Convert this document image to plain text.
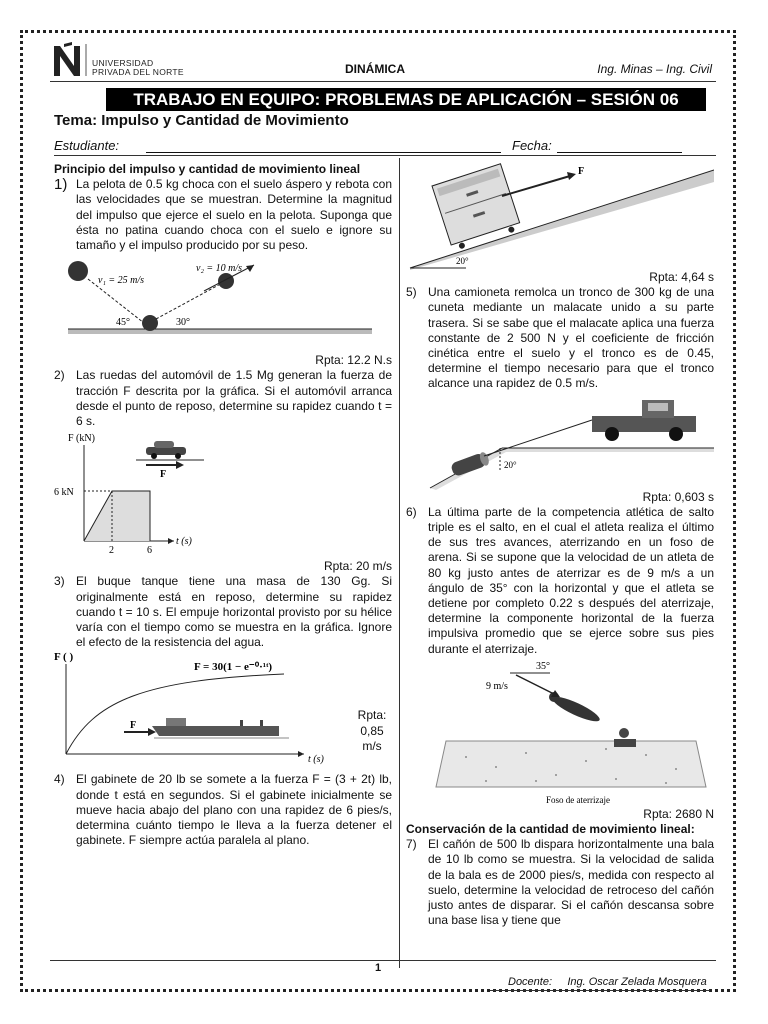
UNIVERSIDAD
PRIVADA DEL NORTE	DINÁMICA	Ing. Minas – Ing. Civil
TRABAJO EN EQUIPO: PROBLEMAS DE APLICACIÓN – SESIÓN 06
Tema: Impulso y Cantidad de Movimiento
Estudiante:	Fecha:
Principio del impulso y cantidad de movimiento lineal
1) La pelota de 0.5 kg choca con el suelo áspero y rebota con las velocidades que se muestran. Determine la magnitud del impulso que ejerce el suelo en la pelota. Suponga que ésta no patina cuando choca con el suelo e ignore su tamaño y el impulso producido por su peso.
v₁ = 25 m/s
v₂ = 10 m/s
45°	30°
Rpta: 12.2 N.s
2) Las ruedas del automóvil de 1.5 Mg generan la fuerza de tracción F descrita por la gráfica. Si el automóvil arranca desde el punto de reposo, determine su rapidez cuando t = 6 s.
F (kN)
6 kN
t (s)
2	6
F
Rpta: 20 m/s
3) El buque tanque tiene una masa de 130 Gg. Si originalmente está en reposo, determine su rapidez cuando t = 10 s. El empuje horizontal provisto por su hélice varía con el tiempo como se muestra en la gráfica. Ignore el efecto de la resistencia del agua.
F ( )
F = 30(1 − e⁻⁰·¹ᵗ)
F
t (s)
Rpta: 0,85 m/s
4) El gabinete de 20 lb se somete a la fuerza F = (3 + 2t) lb, donde t está en segundos. Si el gabinete inicialmente se mueve hacia abajo del plano con una rapidez de 6 pies/s, determina cuánto tiempo le lleva a la fuerza detener el gabinete. F siempre actúa paralela al plano.
F
20°
Rpta: 4,64 s
5) Una camioneta remolca un tronco de 300 kg de una cuneta mediante un malacate unido a su parte trasera. Si se sabe que el malacate aplica una fuerza constante de 2 500 N y el coeficiente de fricción cinética entre el suelo y el tronco es de 0.45, determine el tiempo necesario para que el tronco alcance una rapidez de 0.5 m/s.
20°
Rpta: 0,603 s
6) La última parte de la competencia atlética de salto triple es el salto, en el cual el atleta realiza el último de sus tres avances, aterrizando en un foso de arena. Si se supone que la velocidad de un atleta de 80 kg justo antes de aterrizar es de 9 m/s a un ángulo de 35° con la horizontal y que el atleta se detiene por completo 0.22 s después del aterrizaje, determine la componente horizontal de la fuerza impulsiva promedio que se ejerce sobre sus pies durante el aterrizaje.
35°
9 m/s
Foso de aterrizaje
Rpta: 2680 N
Conservación de la cantidad de movimiento lineal:
7) El cañón de 500 lb dispara horizontalmente una bala de 10 lb como se muestra. Si la velocidad de salida de la bala es de 2000 pies/s, medida con respecto al suelo, determine la velocidad de retroceso del cañón justo antes de disparar. Si el cañón descansa sobre una base lisa y tiene que
1
Docente: Ing. Oscar Zelada Mosquera
